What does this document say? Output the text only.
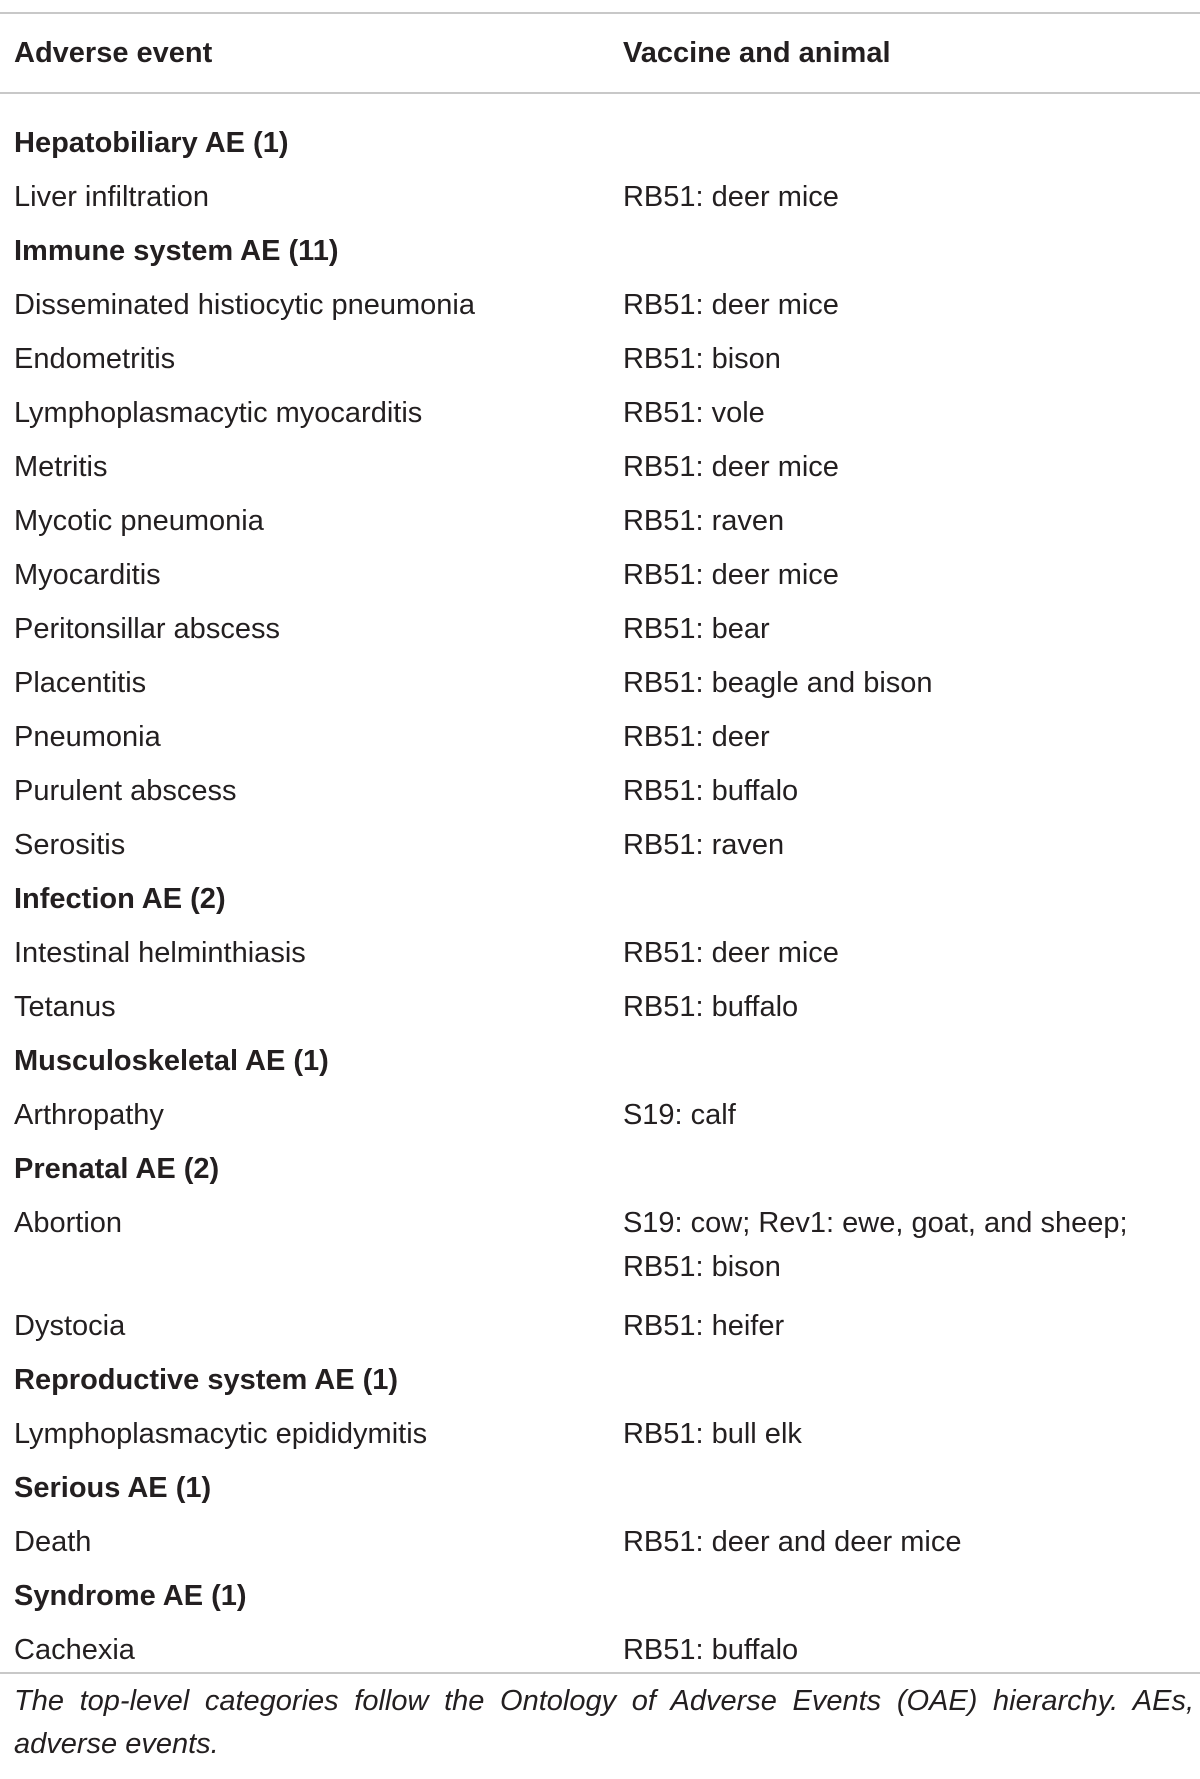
Adverse event	Vaccine and animal

Hepatobiliary AE (1)	
Liver infiltration	RB51: deer mice
Immune system AE (11)	
Disseminated histiocytic pneumonia	RB51: deer mice
Endometritis	RB51: bison
Lymphoplasmacytic myocarditis	RB51: vole
Metritis	RB51: deer mice
Mycotic pneumonia	RB51: raven
Myocarditis	RB51: deer mice
Peritonsillar abscess	RB51: bear
Placentitis	RB51: beagle and bison
Pneumonia	RB51: deer
Purulent abscess	RB51: buffalo
Serositis	RB51: raven
Infection AE (2)	
Intestinal helminthiasis	RB51: deer mice
Tetanus	RB51: buffalo
Musculoskeletal AE (1)	
Arthropathy	S19: calf
Prenatal AE (2)	
Abortion	S19: cow; Rev1: ewe, goat, and sheep; RB51: bison
Dystocia	RB51: heifer
Reproductive system AE (1)	
Lymphoplasmacytic epididymitis	RB51: bull elk
Serious AE (1)	
Death	RB51: deer and deer mice
Syndrome AE (1)	
Cachexia	RB51: buffalo
The top-level categories follow the Ontology of Adverse Events (OAE) hierarchy. AEs, adverse events.
